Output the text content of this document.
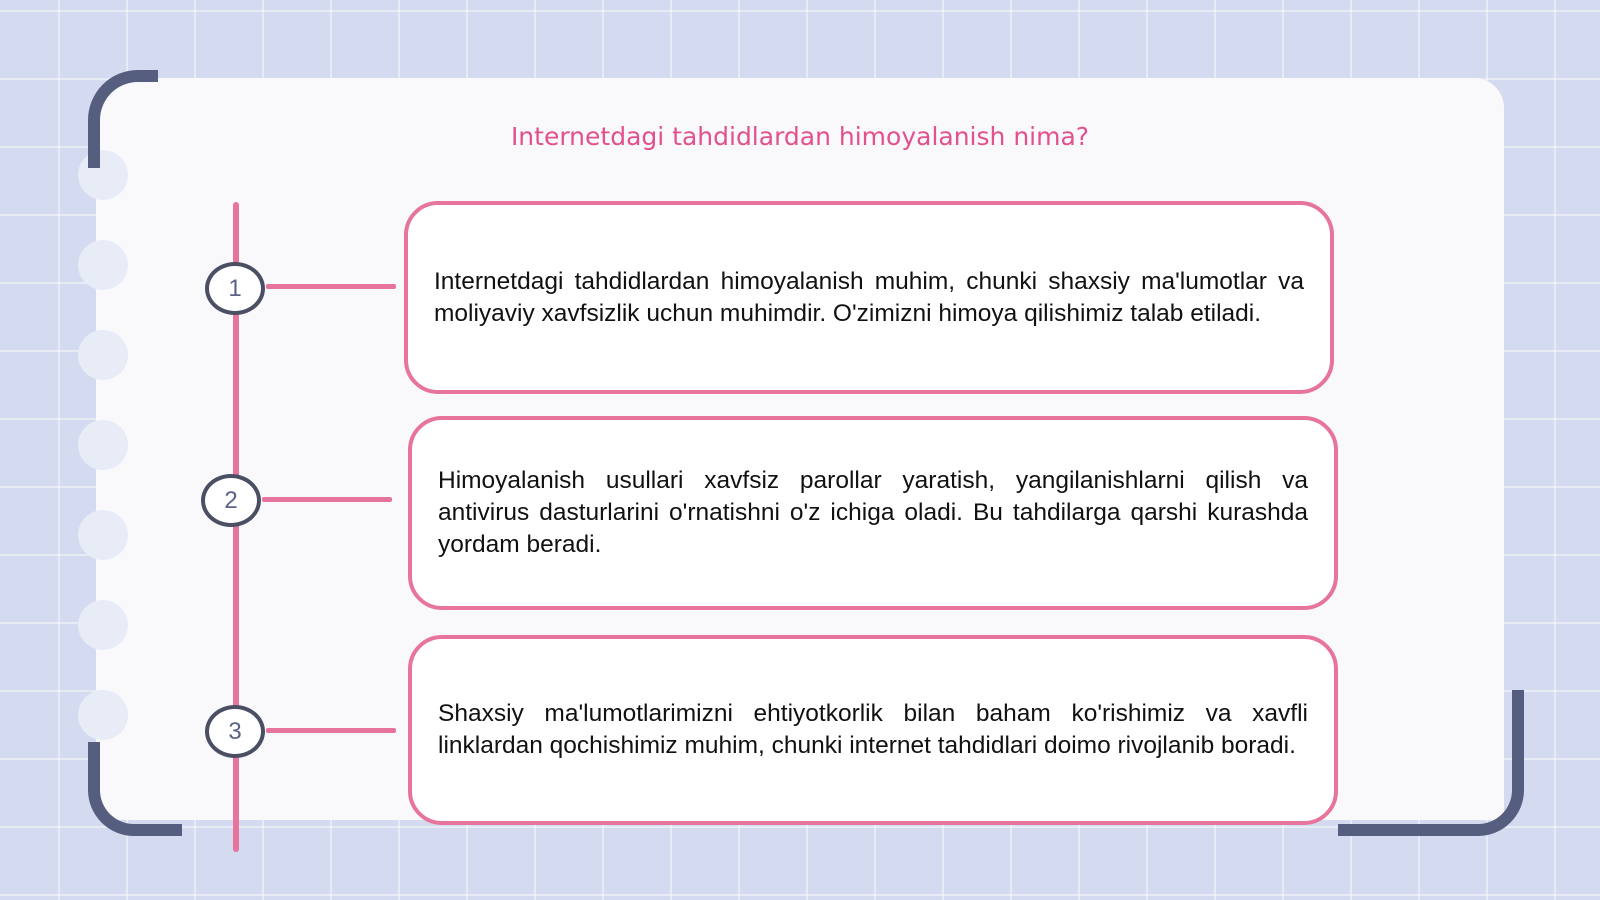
Internetdagi tahdidlardan himoyalanish nima?
1
2
3
Internetdagi tahdidlardan himoyalanish muhim, chunki shaxsiy ma'lumotlar va moliyaviy xavfsizlik uchun muhimdir. O'zimizni himoya qilishimiz talab etiladi.
Himoyalanish usullari xavfsiz parollar yaratish, yangilanishlarni qilish va antivirus dasturlarini o'rnatishni o'z ichiga oladi. Bu tahdilarga qarshi kurashda yordam beradi.
Shaxsiy ma'lumotlarimizni ehtiyotkorlik bilan baham ko'rishimiz va xavfli linklardan qochishimiz muhim, chunki internet tahdidlari doimo rivojlanib boradi.
